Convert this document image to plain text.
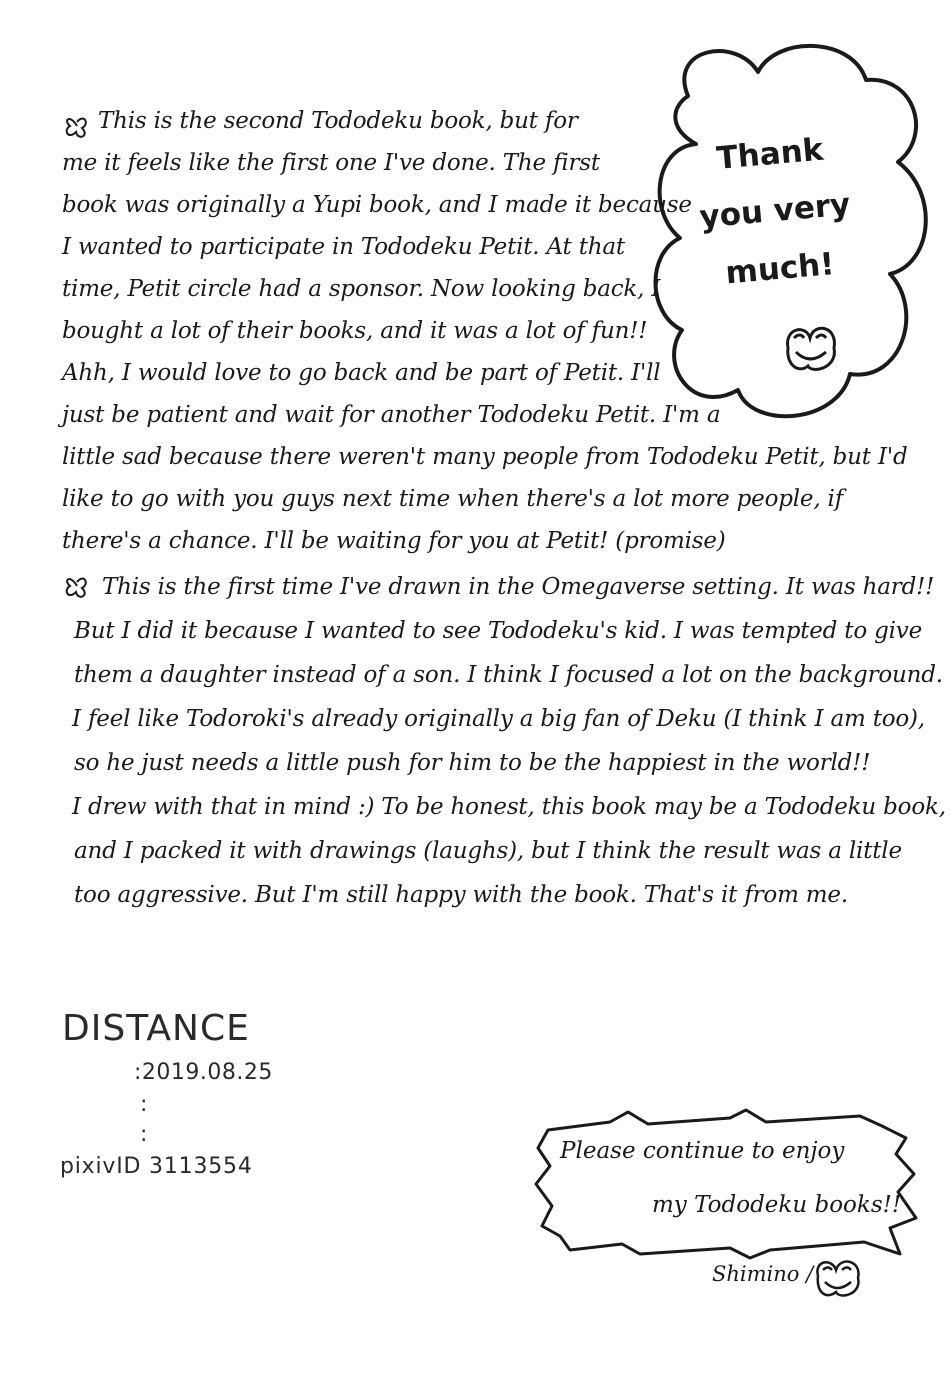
This is the second Tododeku book, but for
me it feels like the first one I've done. The first
book was originally a Yupi book, and I made it because
I wanted to participate in Tododeku Petit. At that
time, Petit circle had a sponsor. Now looking back, I
bought a lot of their books, and it was a lot of fun!!
Ahh, I would love to go back and be part of Petit. I'll
just be patient and wait for another Tododeku Petit. I'm a
little sad because there weren't many people from Tododeku Petit, but I'd
like to go with you guys next time when there's a lot more people, if
there's a chance. I'll be waiting for you at Petit! (promise)
This is the first time I've drawn in the Omegaverse setting. It was hard!!
But I did it because I wanted to see Tododeku's kid. I was tempted to give
them a daughter instead of a son. I think I focused a lot on the background.
I feel like Todoroki's already originally a big fan of Deku (I think I am too),
so he just needs a little push for him to be the happiest in the world!!
I drew with that in mind :) To be honest, this book may be a Tododeku book,
and I packed it with drawings (laughs), but I think the result was a little
too aggressive. But I'm still happy with the book. That's it from me.
Thank
you very
much!
DISTANCE
:2019.08.25
:
:
pixivID 3113554
Please continue to enjoy
my Tododeku books!!
Shimino /
